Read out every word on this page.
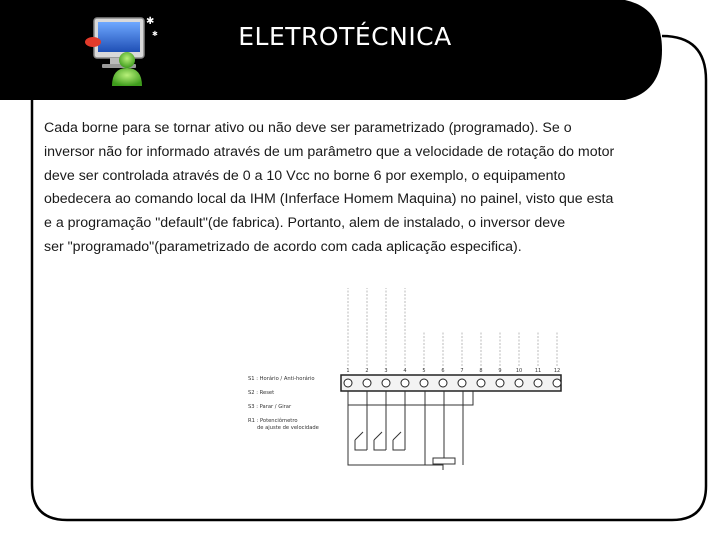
✱
✱	ELETROTÉCNICA
Cada borne para se tornar ativo ou não deve ser parametrizado (programado). Se o
inversor não for informado através de um parâmetro que a velocidade de rotação do motor
deve ser controlada através de 0 a 10 Vcc no borne 6 por exemplo, o equipamento
obedecera ao comando local da IHM (Inferface Homem Maquina) no painel, visto que esta
e a programação "default"(de fabrica). Portanto, alem de instalado, o inversor deve
ser "programado"(parametrizado de acordo com cada aplicação especifica).
1	2	3	4	5	6	7	8	9	10	11	12
S1 : Horário / Anti-horário
S2 : Reset
S3 : Parar / Girar
R1 : Potenciômetro
de ajuste de velocidade
